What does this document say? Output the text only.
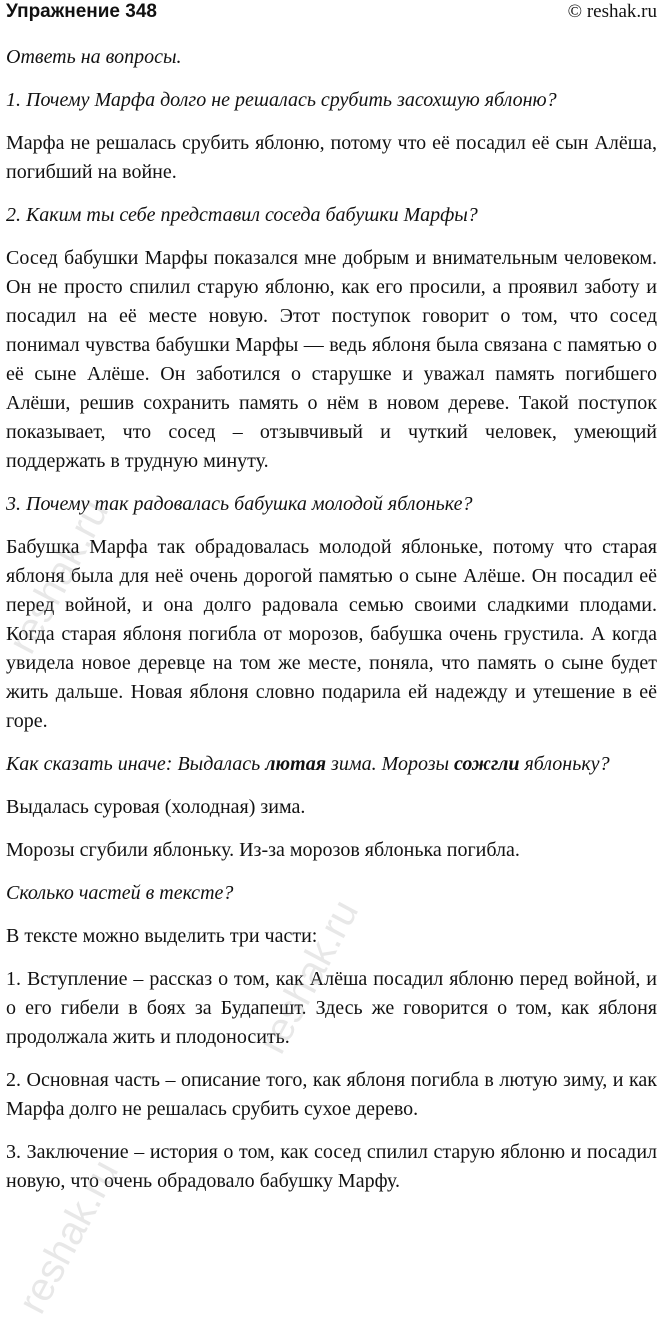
Упражнение 348	© reshak.ru

Ответь на вопросы.

1. Почему Марфа долго не решалась срубить засохшую яблоню?

Марфа не решалась срубить яблоню, потому что её посадил её сын Алёша, погибший на войне.

2. Каким ты себе представил соседа бабушки Марфы?

Сосед бабушки Марфы показался мне добрым и внимательным человеком. Он не просто спилил старую яблоню, как его просили, а проявил заботу и посадил на её месте новую. Этот поступок говорит о том, что сосед понимал чувства бабушки Марфы — ведь яблоня была связана с памятью о её сыне Алёше. Он заботился о старушке и уважал память погибшего Алёши, решив сохранить память о нём в новом дереве. Такой поступок показывает, что сосед – отзывчивый и чуткий человек, умеющий поддержать в трудную минуту.

3. Почему так радовалась бабушка молодой яблоньке?

Бабушка Марфа так обрадовалась молодой яблоньке, потому что старая яблоня была для неё очень дорогой памятью о сыне Алёше. Он посадил её перед войной, и она долго радовала семью своими сладкими плодами. Когда старая яблоня погибла от морозов, бабушка очень грустила. А когда увидела новое деревце на том же месте, поняла, что память о сыне будет жить дальше. Новая яблоня словно подарила ей надежду и утешение в её горе.

Как сказать иначе: Выдалась лютая зима. Морозы сожгли яблоньку?

Выдалась суровая (холодная) зима.

Морозы сгубили яблоньку. Из-за морозов яблонька погибла.

Сколько частей в тексте?

В тексте можно выделить три части:

1. Вступление – рассказ о том, как Алёша посадил яблоню перед войной, и о его гибели в боях за Будапешт. Здесь же говорится о том, как яблоня продолжала жить и плодоносить.

2. Основная часть – описание того, как яблоня погибла в лютую зиму, и как Марфа долго не решалась срубить сухое дерево.

3. Заключение – история о том, как сосед спилил старую яблоню и посадил новую, что очень обрадовало бабушку Марфу.

reshak.ru
reshak.ru
reshak.ru
